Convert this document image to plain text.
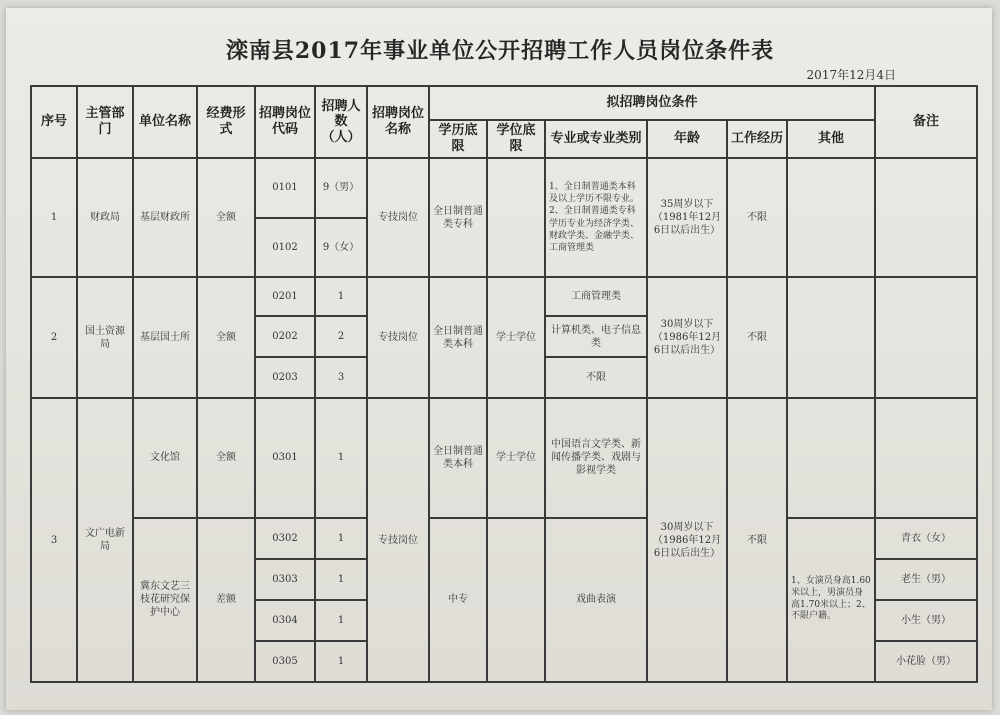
滦南县2017年事业单位公开招聘工作人员岗位条件表
2017年12月4日
序号	主管部门	单位名称	经费形式	招聘岗位代码	招聘人数（人）	招聘岗位名称	拟招聘岗位条件						备注
							学历底限	学位底限	专业或专业类别	年龄	工作经历	其他	
1	财政局	基层财政所	全额	0101	9（男）	专技岗位	全日制普通类专科		1、全日制普通类本科及以上学历不限专业。2、全日制普通类专科学历专业为经济学类、财政学类、金融学类、工商管理类	35周岁以下（1981年12月6日以后出生）	不限		
				0102	9（女）								
2	国土资源局	基层国土所	全额	0201	1	专技岗位	全日制普通类本科	学士学位	工商管理类	30周岁以下（1986年12月6日以后出生）	不限		
				0202	2				计算机类、电子信息类				
				0203	3				不限				
3	文广电新局	文化馆	全额	0301	1	专技岗位	全日制普通类本科	学士学位	中国语言文学类、新闻传播学类、戏剧与影视学类	30周岁以下（1986年12月6日以后出生）	不限		
		冀东文艺三枝花研究保护中心	差额	0302	1		中专		戏曲表演			1、女演员身高1.60米以上，男演员身高1.70米以上；2、不限户籍。	青衣（女）
				0303	1								老生（男）
				0304	1								小生（男）
				0305	1								小花脸（男）
